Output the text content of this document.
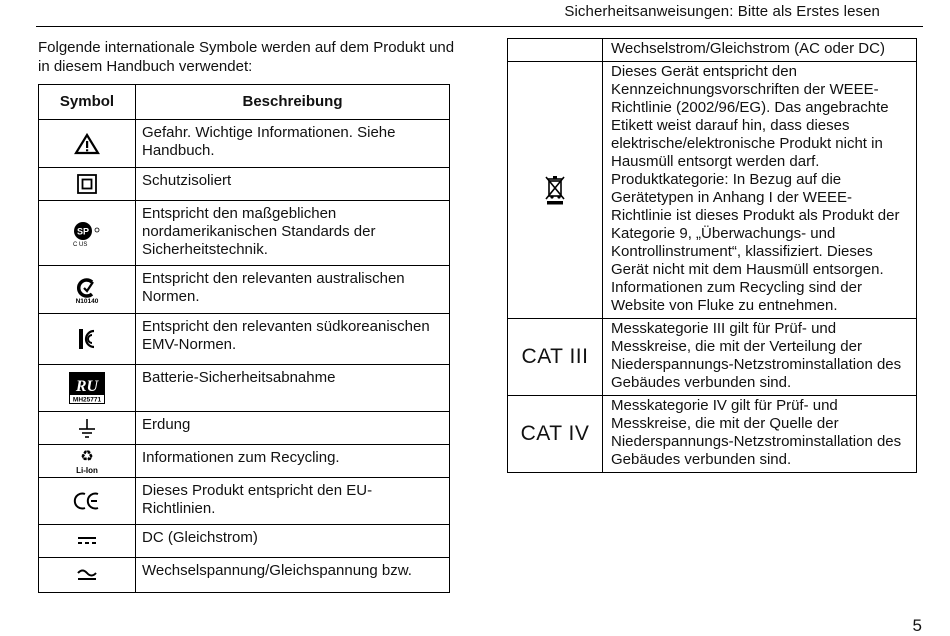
Sicherheitsanweisungen: Bitte als Erstes lesen
Folgende internationale Symbole werden auf dem Produkt und in diesem Handbuch verwendet:
Symbol	Beschreibung
	Gefahr. Wichtige Informationen. Siehe Handbuch.
	Schutzisoliert

SP
C US	Entspricht den maßgeblichen nordamerikanischen Standards der Sicherheitstechnik.

N10140	Entspricht den relevanten australischen Normen.
	Entspricht den relevanten südkoreanischen EMV-Normen.

RU
MH25771	Batterie-Sicherheitsabnahme
	Erdung

♻
Li-Ion	Informationen zum Recycling.
	Dieses Produkt entspricht den EU-Richtlinien.
	DC (Gleichstrom)
	Wechselspannung/Gleichspannung bzw.
	Wechselstrom/Gleichstrom (AC oder DC)
	Dieses Gerät entspricht den Kennzeichnungsvorschriften der WEEE-Richtlinie (2002/96/EG). Das angebrachte Etikett weist darauf hin, dass dieses elektrische/elektronische Produkt nicht in Hausmüll entsorgt werden darf. Produktkategorie: In Bezug auf die Gerätetypen in Anhang I der WEEE-Richtlinie ist dieses Produkt als Produkt der Kategorie 9, „Überwachungs- und Kontrollinstrument“, klassifiziert. Dieses Gerät nicht mit dem Hausmüll entsorgen. Informationen zum Recycling sind der Website von Fluke zu entnehmen.
CAT III	Messkategorie III gilt für Prüf- und Messkreise, die mit der Verteilung der Niederspannungs-Netzstrominstallation des Gebäudes verbunden sind.
CAT IV	Messkategorie IV gilt für Prüf- und Messkreise, die mit der Quelle der Niederspannungs-Netzstrominstallation des Gebäudes verbunden sind.
5
